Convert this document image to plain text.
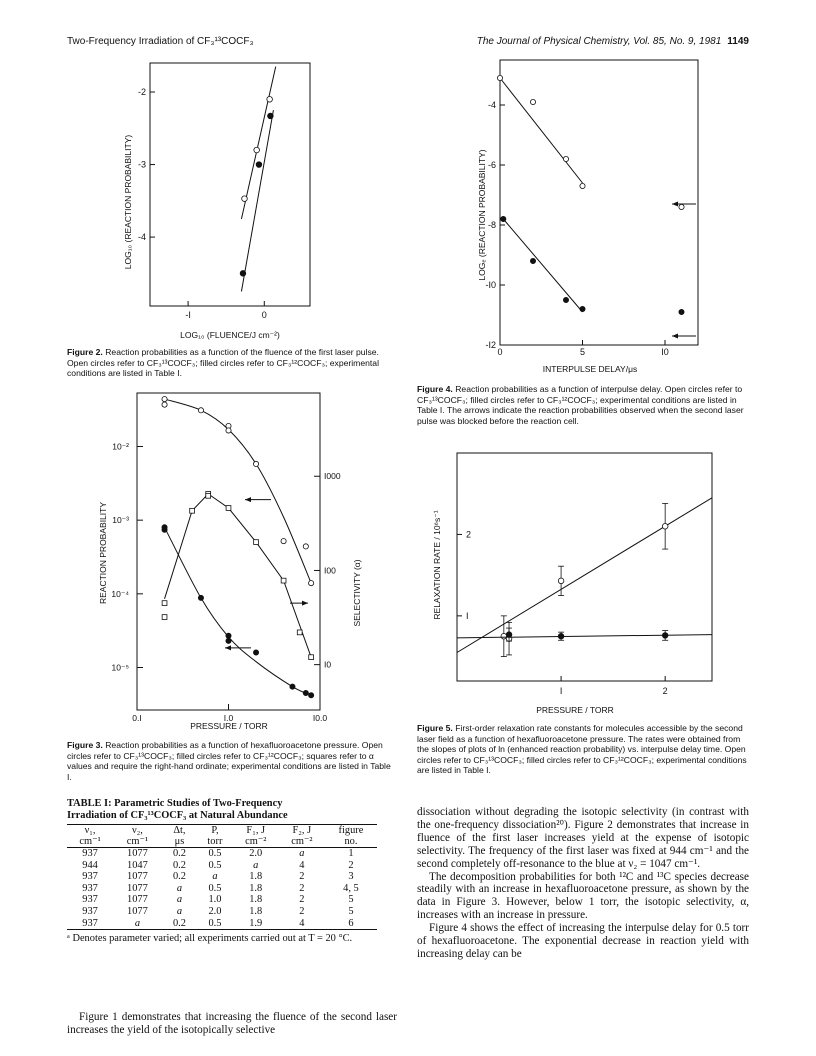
Two-Frequency Irradiation of CF₃¹³COCF₃	The Journal of Physical Chemistry, Vol. 85, No. 9, 1981 1149
-I	0
-2
-3
-4
LOG₁₀ (REACTION PROBABILITY)
LOG₁₀ (FLUENCE/J cm⁻²)
Figure 2. Reaction probabilities as a function of the fluence of the first laser pulse. Open circles refer to CF₃¹³COCF₃; filled circles refer to CF₃¹²COCF₃; experimental conditions are listed in Table I.
0.I	I.0	I0.0
10⁻²
10⁻³
10⁻⁴
10⁻⁵
I000
I00
I0
REACTION PROBABILITY	SELECTIVITY (α)
PRESSURE / TORR
Figure 3. Reaction probabilities as a function of hexafluoroacetone pressure. Open circles refer to CF₃¹³COCF₃; filled circles refer to CF₃¹²COCF₃; squares refer to α values and require the right-hand ordinate; experimental conditions are listed in Table I.
TABLE I: Parametric Studies of Two-Frequency
Irradiation of CF₃¹³COCF₃ at Natural Abundance
ν₁,	ν₂,	Δt,	P,	F₁, J	F₂, J	figure
cm⁻¹	cm⁻¹	μs	torr	cm⁻²	cm⁻²	no.
937	1077	0.2	0.5	2.0	a	1
944	1047	0.2	0.5	a	4	2
937	1077	0.2	a	1.8	2	3
937	1077	a	0.5	1.8	2	4, 5
937	1077	a	1.0	1.8	2	5
937	1077	a	2.0	1.8	2	5
937	a	0.2	0.5	1.9	4	6
ᵃ Denotes parameter varied; all experiments carried out at T = 20 °C.

Figure 1 demonstrates that increasing the fluence of the second laser increases the yield of the isotopically selective

0	5	I0
-4
-6
-8
-I0
-I2
LOGₑ (REACTION PROBABILITY)
INTERPULSE DELAY/μs
Figure 4. Reaction probabilities as a function of interpulse delay. Open circles refer to CF₃¹³COCF₃; filled circles refer to CF₃¹²COCF₃; experimental conditions are listed in Table I. The arrows indicate the reaction probabilities observed when the second laser pulse was blocked before the reaction cell.
I	2
I
2
RELAXATION RATE / 10⁶s⁻¹
PRESSURE / TORR
Figure 5. First-order relaxation rate constants for molecules accessible by the second laser field as a function of hexafluoroacetone pressure. The rates were obtained from the slopes of plots of ln (enhanced reaction probability) vs. interpulse delay time. Open circles refer to CF₃¹³COCF₃; filled circles refer to CF₃¹²COCF₃; experimental conditions are listed in Table I.

dissociation without degrading the isotopic selectivity (in contrast with the one-frequency dissociation²⁰). Figure 2 demonstrates that increase in fluence of the first laser increases yield at the expense of isotopic selectivity. The frequency of the first laser was fixed at 944 cm⁻¹ and the second completely off-resonance to the blue at ν₂ = 1047 cm⁻¹.

The decomposition probabilities for both ¹²C and ¹³C species decrease steadily with an increase in hexafluoroacetone pressure, as shown by the data in Figure 3. However, below 1 torr, the isotopic selectivity, α, increases with an increase in pressure.

Figure 4 shows the effect of increasing the interpulse delay for 0.5 torr of hexafluoroacetone. The exponential decrease in reaction yield with increasing delay can be
